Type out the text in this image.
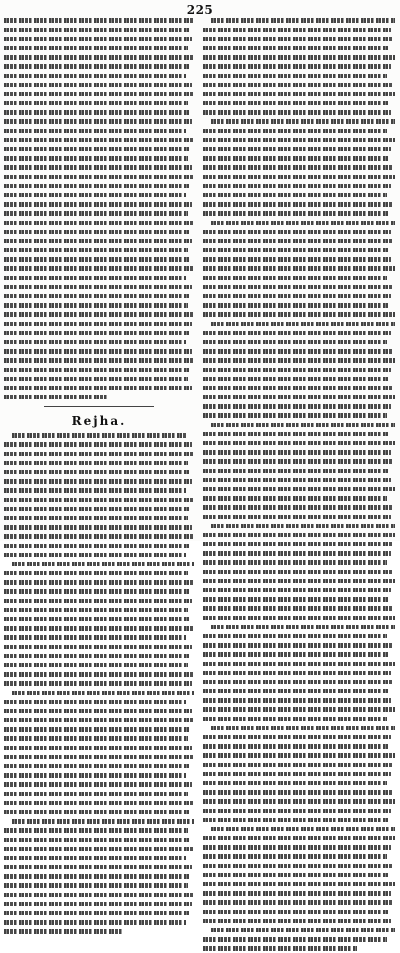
225
Rejha.
